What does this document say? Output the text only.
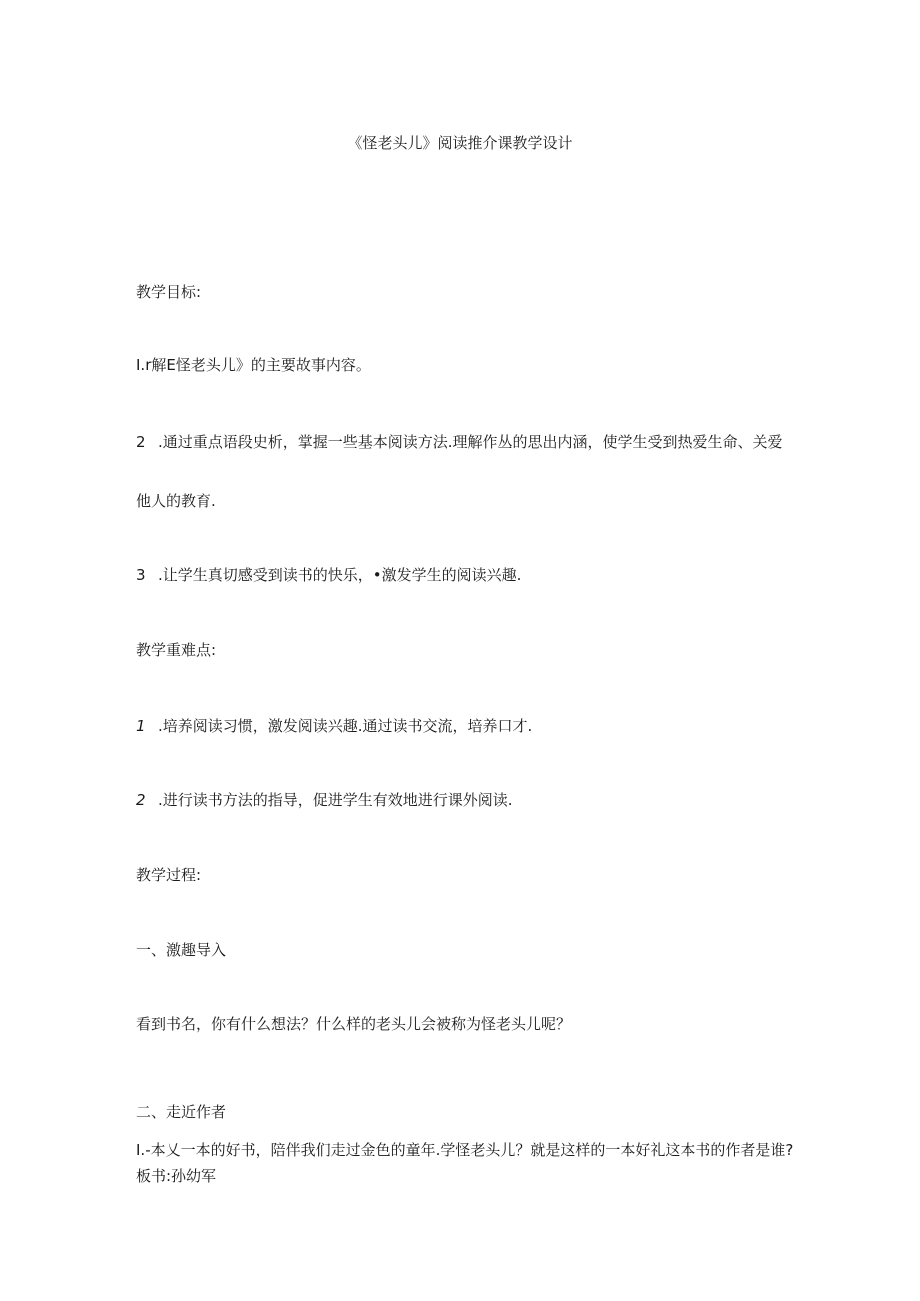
《怪老头儿》阅读推介课教学设计
教学目标:
I.r解E怪老头儿》的主要故事内容。
2 .通过重点语段史析，掌握一些基本阅读方法.理解作丛的思出内涵，使学生受到热爱生命、关爱
他人的教育.
3 .让学生真切感受到读书的快乐，•激发学生的阅读兴趣.
教学重难点:
1 .培养阅读习惯，激发阅读兴趣.通过读书交流，培养口才.
2 .进行读书方法的指导，促进学生有效地进行课外阅读.
教学过程:
一、激趣导入
看到书名，你有什么想法？什么样的老头儿会被称为怪老头儿呢？
二、走近作者
I.-本乂一本的好书，陪伴我们走过金色的童年.学怪老头儿？就是这样的一本好礼这本书的作者是谁?
板书:孙幼军
